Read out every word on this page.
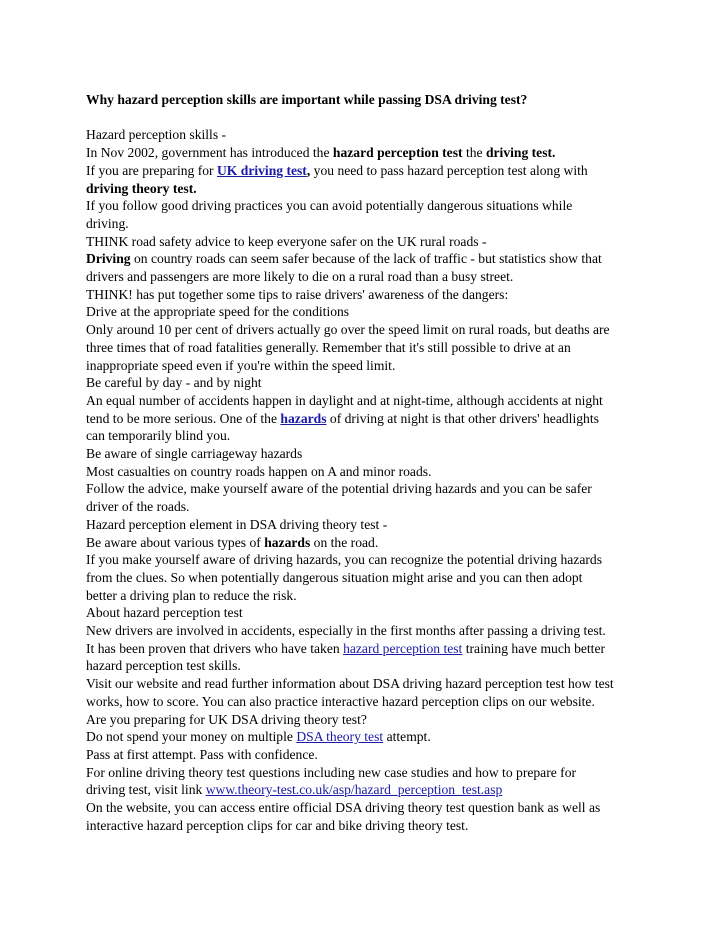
Why hazard perception skills are important while passing DSA driving test?
Hazard perception skills -
In Nov 2002, government has introduced the hazard perception test the driving test.
If you are preparing for UK driving test, you need to pass hazard perception test along with
driving theory test.
If you follow good driving practices you can avoid potentially dangerous situations while
driving.
THINK road safety advice to keep everyone safer on the UK rural roads -
Driving on country roads can seem safer because of the lack of traffic - but statistics show that
drivers and passengers are more likely to die on a rural road than a busy street.
THINK! has put together some tips to raise drivers' awareness of the dangers:
Drive at the appropriate speed for the conditions
Only around 10 per cent of drivers actually go over the speed limit on rural roads, but deaths are
three times that of road fatalities generally. Remember that it's still possible to drive at an
inappropriate speed even if you're within the speed limit.
Be careful by day - and by night
An equal number of accidents happen in daylight and at night-time, although accidents at night
tend to be more serious. One of the hazards of driving at night is that other drivers' headlights
can temporarily blind you.
Be aware of single carriageway hazards
Most casualties on country roads happen on A and minor roads.
Follow the advice, make yourself aware of the potential driving hazards and you can be safer
driver of the roads.
Hazard perception element in DSA driving theory test -
Be aware about various types of hazards on the road.
If you make yourself aware of driving hazards, you can recognize the potential driving hazards
from the clues. So when potentially dangerous situation might arise and you can then adopt
better a driving plan to reduce the risk.
About hazard perception test
New drivers are involved in accidents, especially in the first months after passing a driving test.
It has been proven that drivers who have taken hazard perception test training have much better
hazard perception test skills.
Visit our website and read further information about DSA driving hazard perception test how test
works, how to score. You can also practice interactive hazard perception clips on our website.
Are you preparing for UK DSA driving theory test?
Do not spend your money on multiple DSA theory test attempt.
Pass at first attempt. Pass with confidence.
For online driving theory test questions including new case studies and how to prepare for
driving test, visit link www.theory-test.co.uk/asp/hazard_perception_test.asp
On the website, you can access entire official DSA driving theory test question bank as well as
interactive hazard perception clips for car and bike driving theory test.
